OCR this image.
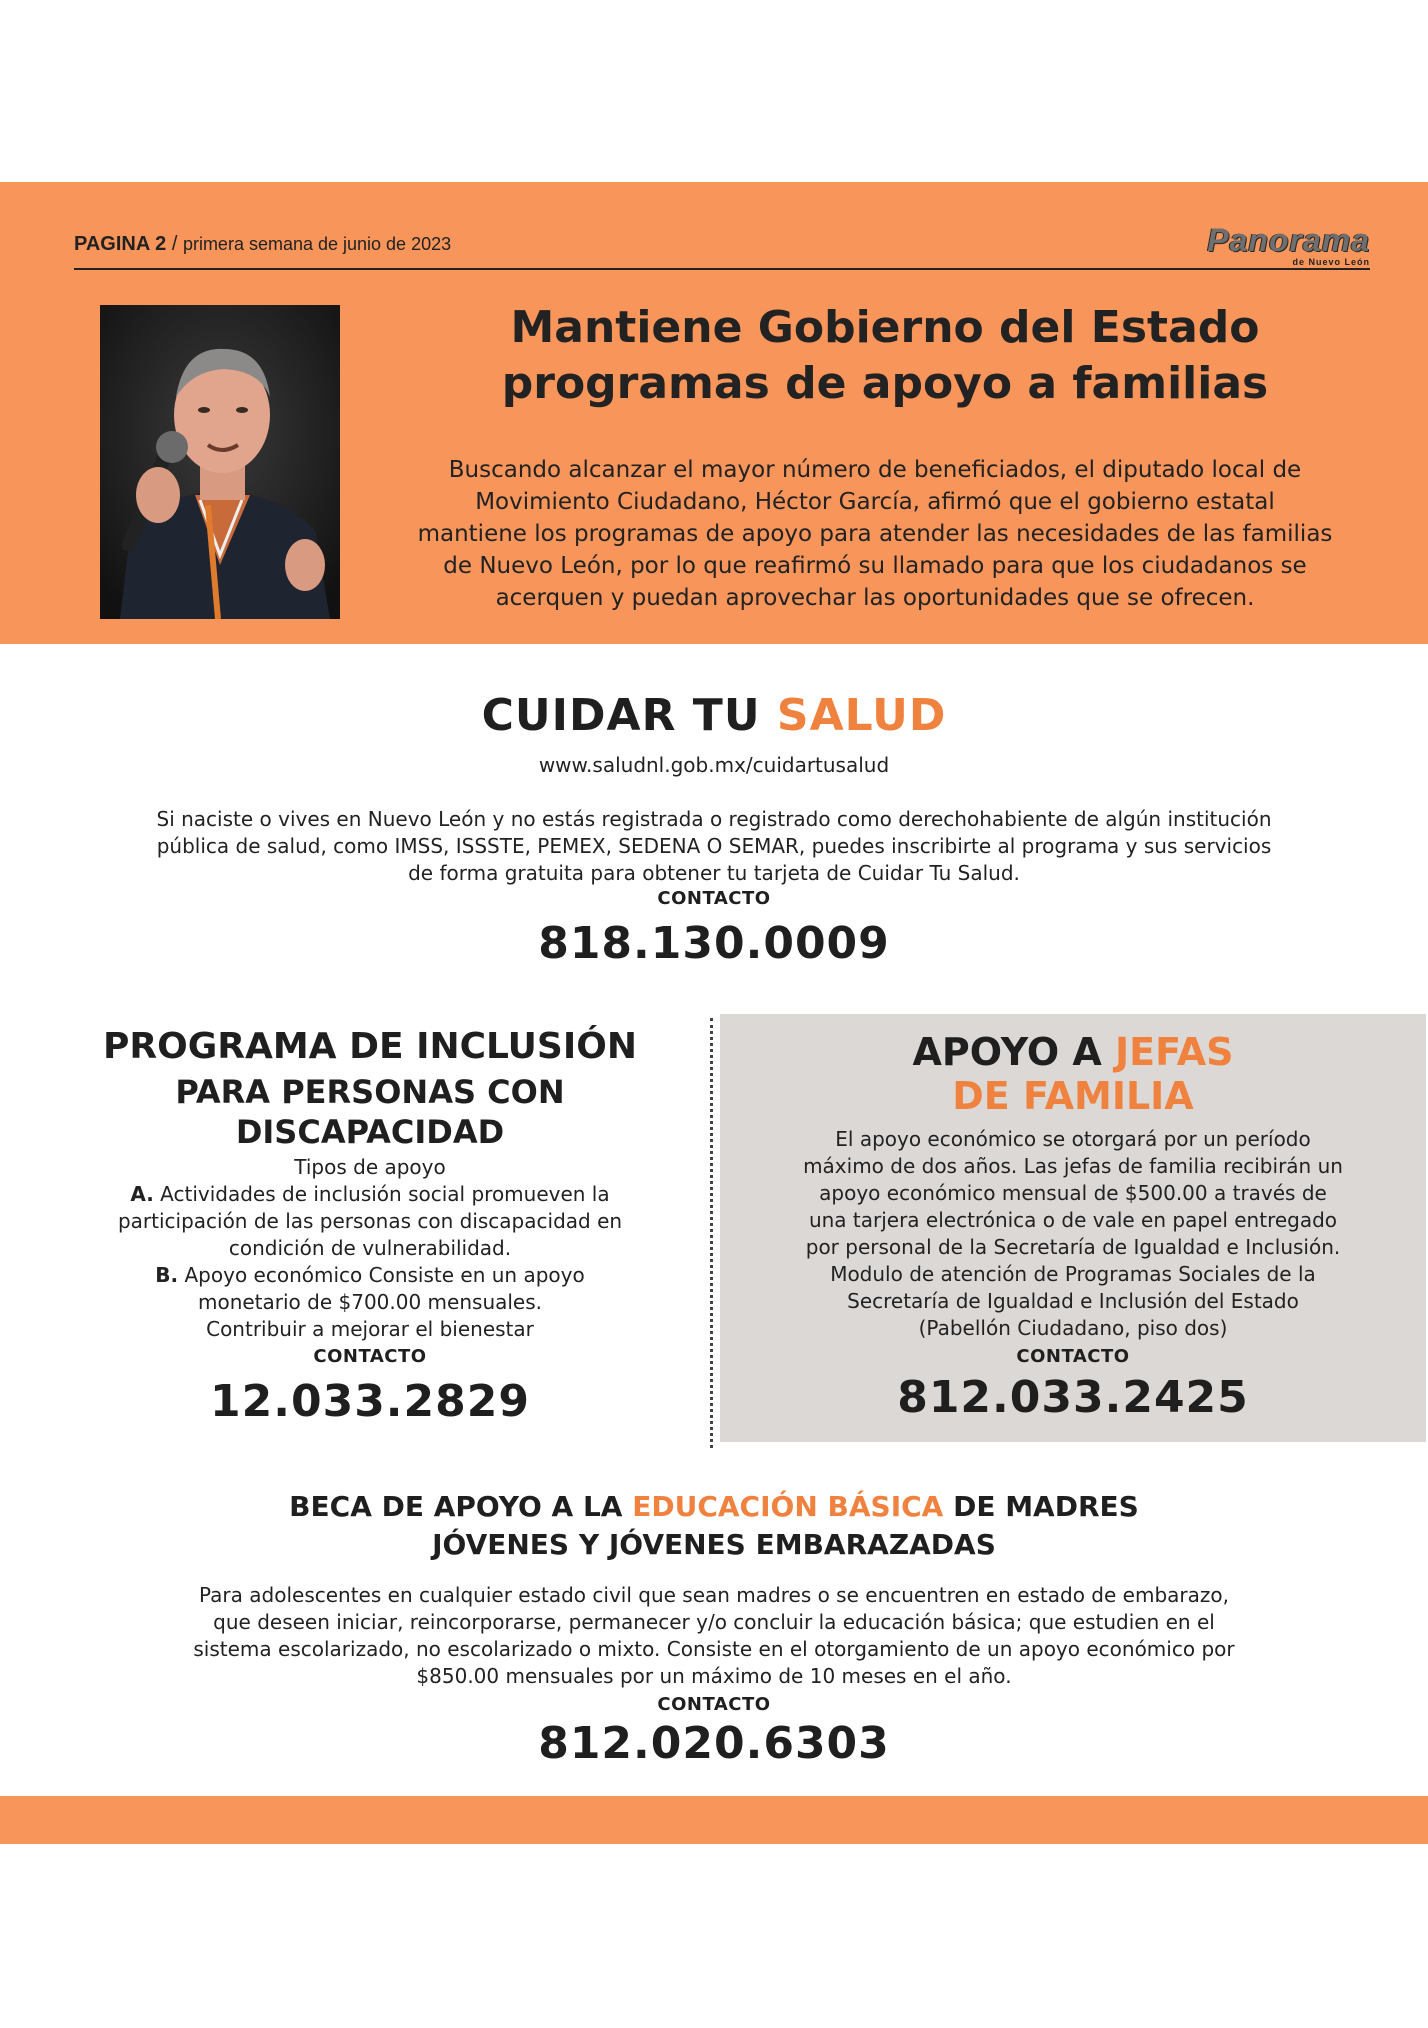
PAGINA 2 / primera semana de junio de 2023	Panorama
de Nuevo León
Mantiene Gobierno del Estado
programas de apoyo a familias
Buscando alcanzar el mayor número de beneficiados, el diputado local de
Movimiento Ciudadano, Héctor García, afirmó que el gobierno estatal
mantiene los programas de apoyo para atender las necesidades de las familias
de Nuevo León, por lo que reafirmó su llamado para que los ciudadanos se
acerquen y puedan aprovechar las oportunidades que se ofrecen.
CUIDAR TU SALUD
www.saludnl.gob.mx/cuidartusalud
Si naciste o vives en Nuevo León y no estás registrada o registrado como derechohabiente de algún institución
pública de salud, como IMSS, ISSSTE, PEMEX, SEDENA O SEMAR, puedes inscribirte al programa y sus servicios
de forma gratuita para obtener tu tarjeta de Cuidar Tu Salud.
CONTACTO
818.130.0009
PROGRAMA DE INCLUSIÓN
PARA PERSONAS CON
DISCAPACIDAD
Tipos de apoyo
A. Actividades de inclusión social promueven la
participación de las personas con discapacidad en
condición de vulnerabilidad.
B. Apoyo económico Consiste en un apoyo
monetario de $700.00 mensuales.
Contribuir a mejorar el bienestar
CONTACTO
12.033.2829
APOYO A JEFAS
DE FAMILIA
El apoyo económico se otorgará por un período
máximo de dos años. Las jefas de familia recibirán un
apoyo económico mensual de $500.00 a través de
una tarjera electrónica o de vale en papel entregado
por personal de la Secretaría de Igualdad e Inclusión.
Modulo de atención de Programas Sociales de la
Secretaría de Igualdad e Inclusión del Estado
(Pabellón Ciudadano, piso dos)
CONTACTO
812.033.2425
BECA DE APOYO A LA EDUCACIÓN BÁSICA DE MADRES
JÓVENES Y JÓVENES EMBARAZADAS
Para adolescentes en cualquier estado civil que sean madres o se encuentren en estado de embarazo,
que deseen iniciar, reincorporarse, permanecer y/o concluir la educación básica; que estudien en el
sistema escolarizado, no escolarizado o mixto. Consiste en el otorgamiento de un apoyo económico por
$850.00 mensuales por un máximo de 10 meses en el año.
CONTACTO
812.020.6303
